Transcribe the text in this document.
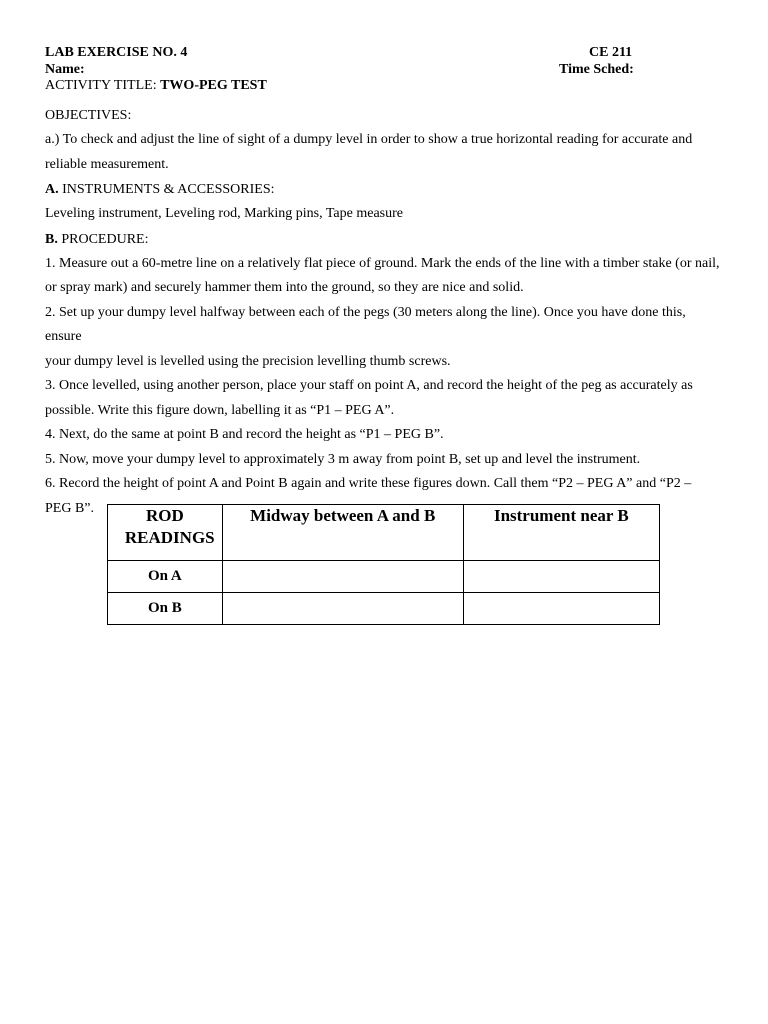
LAB EXERCISE NO. 4
Name:
ACTIVITY TITLE: TWO-PEG TEST
CE 211
Time Sched:

OBJECTIVES:

a.) To check and adjust the line of sight of a dumpy level in order to show a true horizontal reading for accurate and

reliable measurement.

A. INSTRUMENTS & ACCESSORIES:

Leveling instrument, Leveling rod, Marking pins, Tape measure

B. PROCEDURE:

1. Measure out a 60-metre line on a relatively flat piece of ground. Mark the ends of the line with a timber stake (or nail,

or spray mark) and securely hammer them into the ground, so they are nice and solid.

2. Set up your dumpy level halfway between each of the pegs (30 meters along the line). Once you have done this, ensure

your dumpy level is levelled using the precision levelling thumb screws.

3. Once levelled, using another person, place your staff on point A, and record the height of the peg as accurately as

possible. Write this figure down, labelling it as “P1 – PEG A”.

4. Next, do the same at point B and record the height as “P1 – PEG B”.

5. Now, move your dumpy level to approximately 3 m away from point B, set up and level the instrument.

6. Record the height of point A and Point B again and write these figures down. Call them “P2 – PEG A” and “P2 –

PEG B”.	ROD READINGS	Midway between A and B	Instrument near B
On A		
On B		
